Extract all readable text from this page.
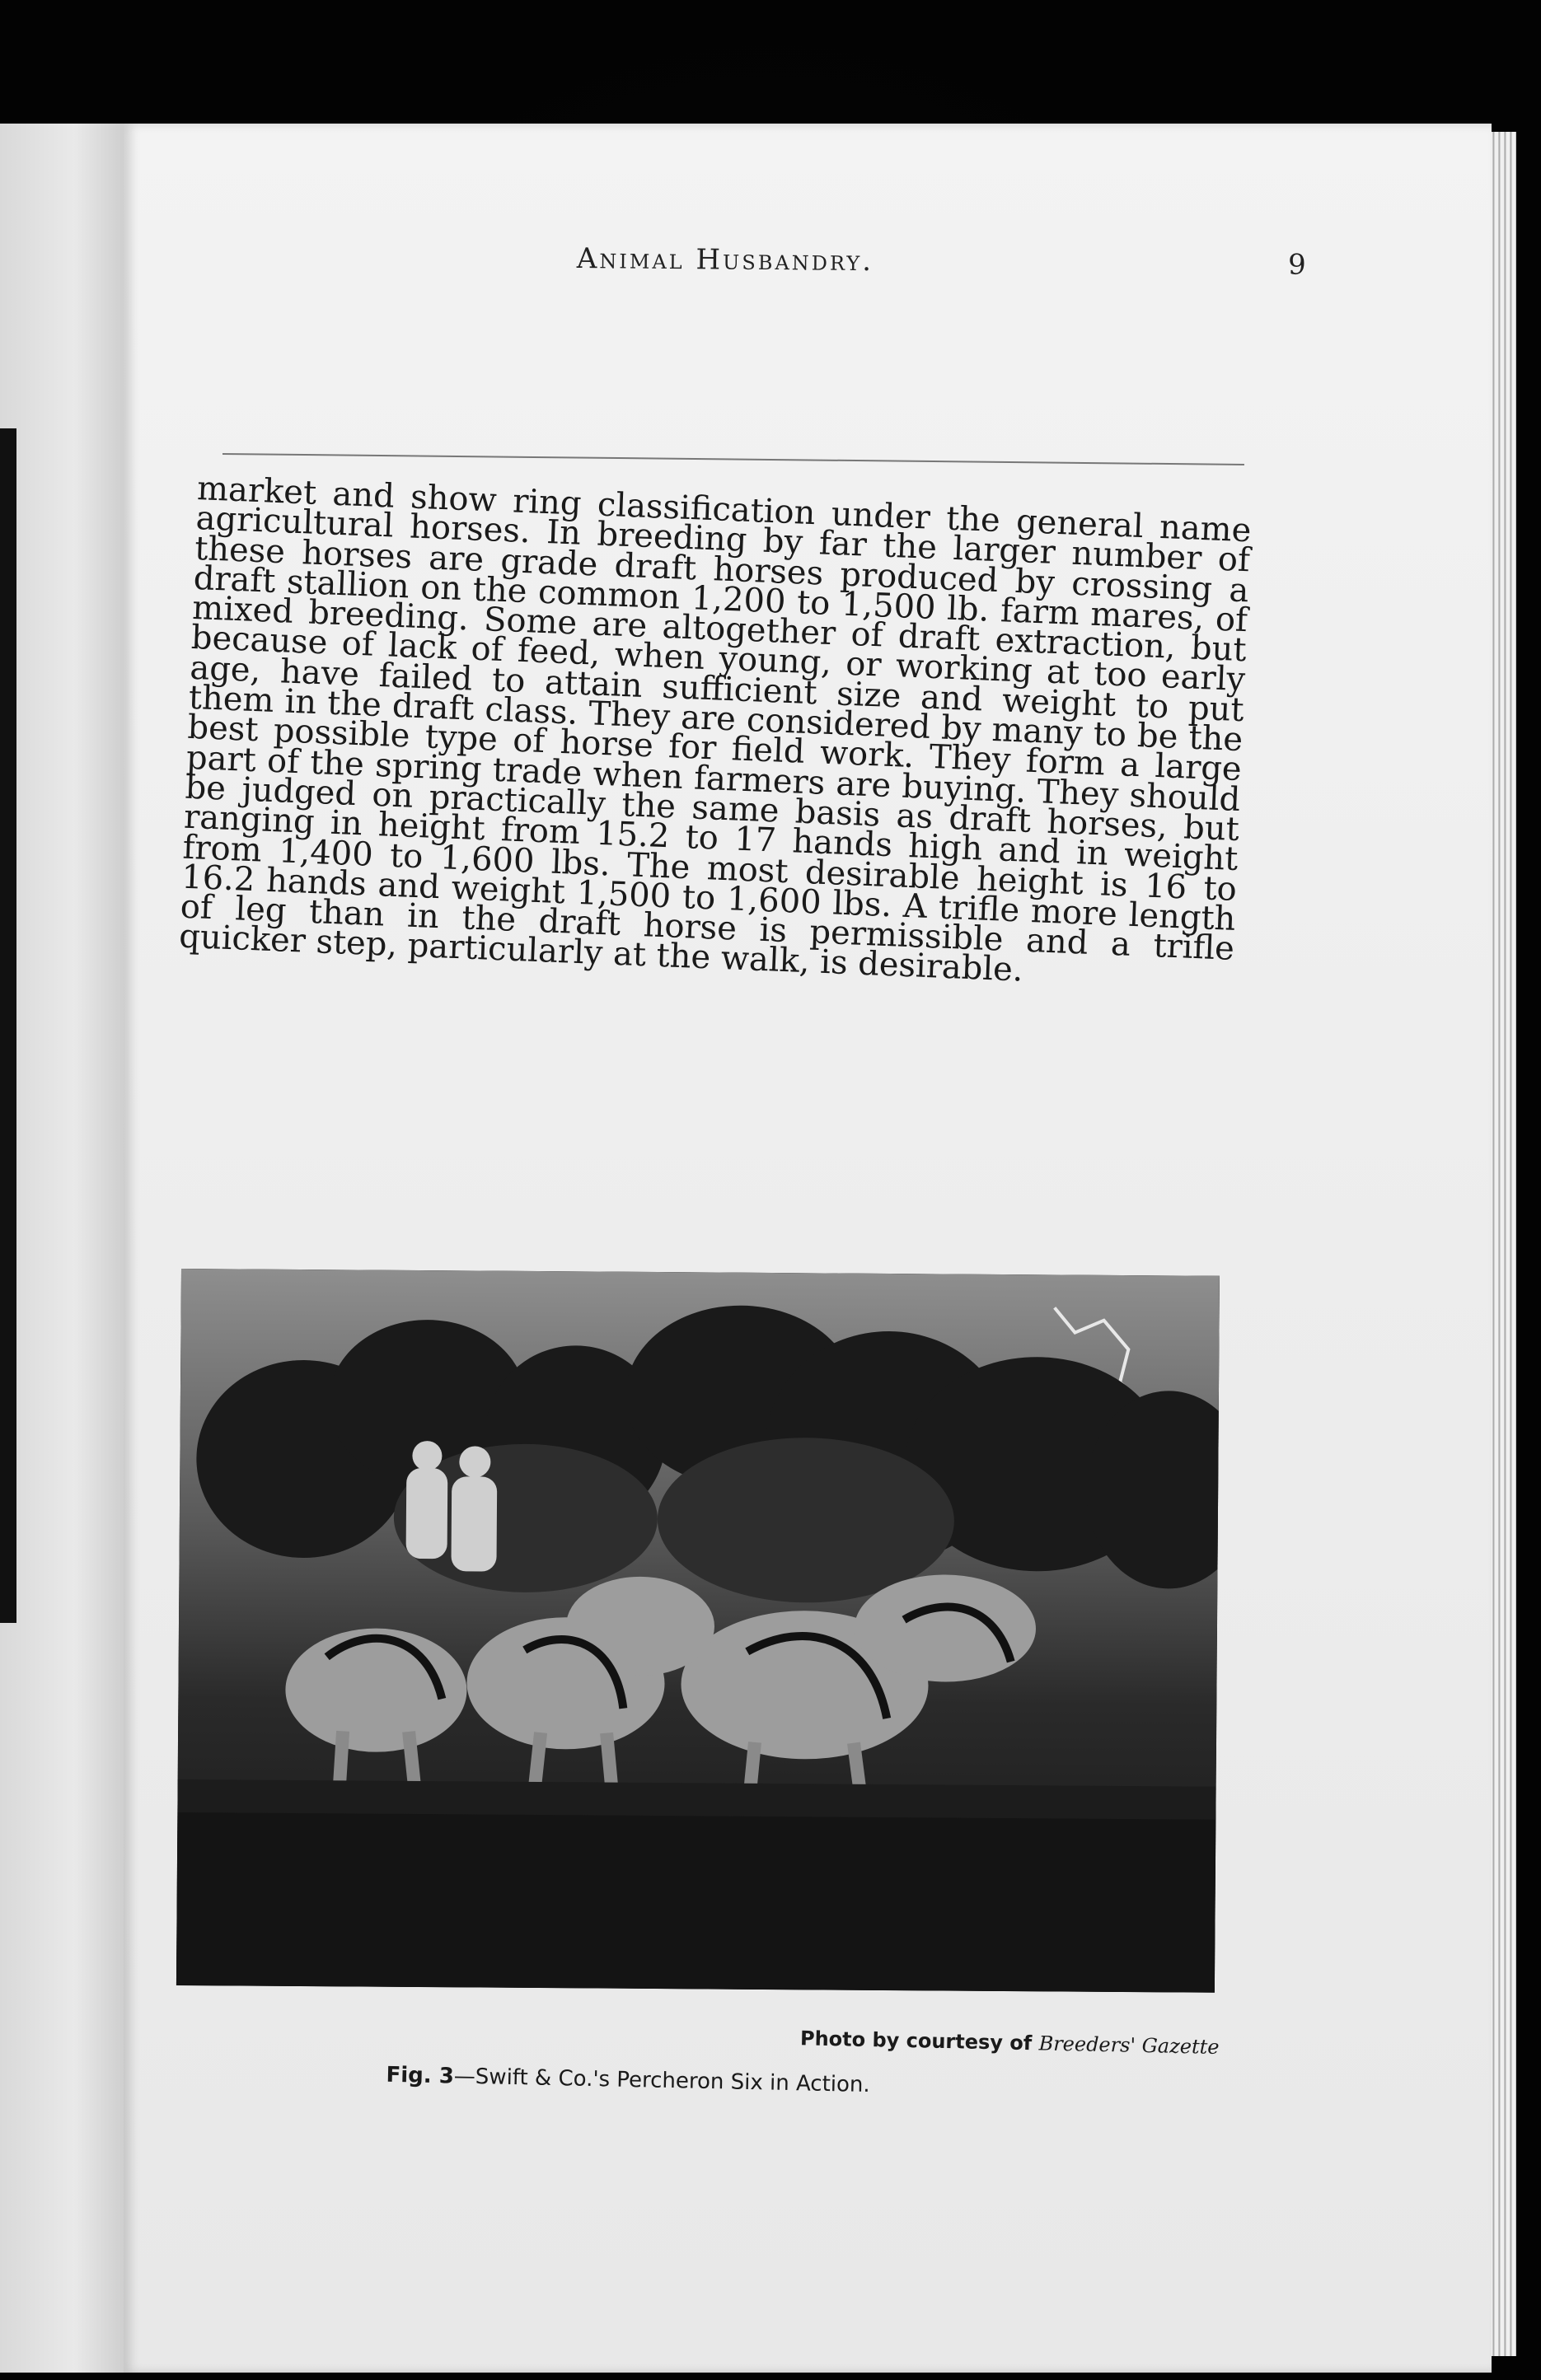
Animal Husbandry.	9

market and show ring classification under the general name agricultural horses. In breeding by far the larger number of these horses are grade draft horses produced by crossing a draft stallion on the common 1,200 to 1,500 lb. farm mares, of mixed breeding. Some are altogether of draft extraction, but because of lack of feed, when young, or working at too early age, have failed to attain sufficient size and weight to put them in the draft class. They are considered by many to be the best possible type of horse for field work. They form a large part of the spring trade when farmers are buying. They should be judged on practically the same basis as draft horses, but ranging in height from 15.2 to 17 hands high and in weight from 1,400 to 1,600 lbs. The most desirable height is 16 to 16.2 hands and weight 1,500 to 1,600 lbs. A trifle more length of leg than in the draft horse is permissible and a trifle quicker step, particularly at the walk, is desirable.

Photo by courtesy of Breeders' Gazette
Fig. 3—Swift & Co.'s Percheron Six in Action.
